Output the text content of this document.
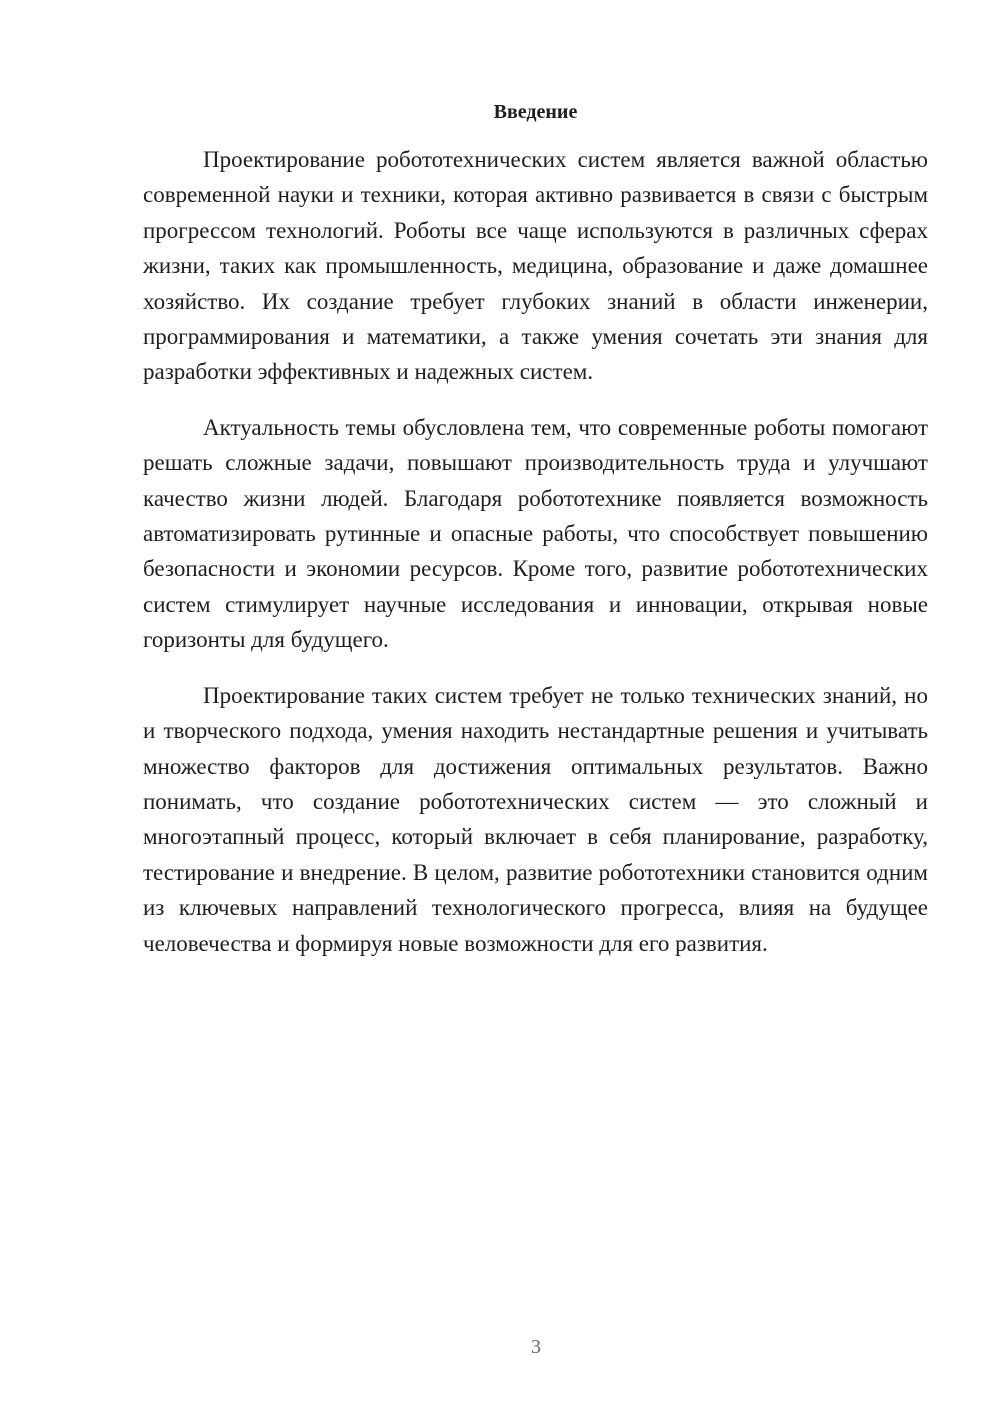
Введение

Проектирование робототехнических систем является важной областью современной науки и техники, которая активно развивается в связи с быстрым прогрессом технологий. Роботы все чаще используются в различных сферах жизни, таких как промышленность, медицина, образование и даже домашнее хозяйство. Их создание требует глубоких знаний в области инженерии, программирования и математики, а также умения сочетать эти знания для разработки эффективных и надежных систем.

Актуальность темы обусловлена тем, что современные роботы помогают решать сложные задачи, повышают производительность труда и улучшают качество жизни людей. Благодаря робототехнике появляется возможность автоматизировать рутинные и опасные работы, что способствует повышению безопасности и экономии ресурсов. Кроме того, развитие робототехнических систем стимулирует научные исследования и инновации, открывая новые горизонты для будущего.

Проектирование таких систем требует не только технических знаний, но и творческого подхода, умения находить нестандартные решения и учитывать множество факторов для достижения оптимальных результатов. Важно понимать, что создание робототехнических систем — это сложный и многоэтапный процесс, который включает в себя планирование, разработку, тестирование и внедрение. В целом, развитие робототехники становится одним из ключевых направлений технологического прогресса, влияя на будущее человечества и формируя новые возможности для его развития.

3
